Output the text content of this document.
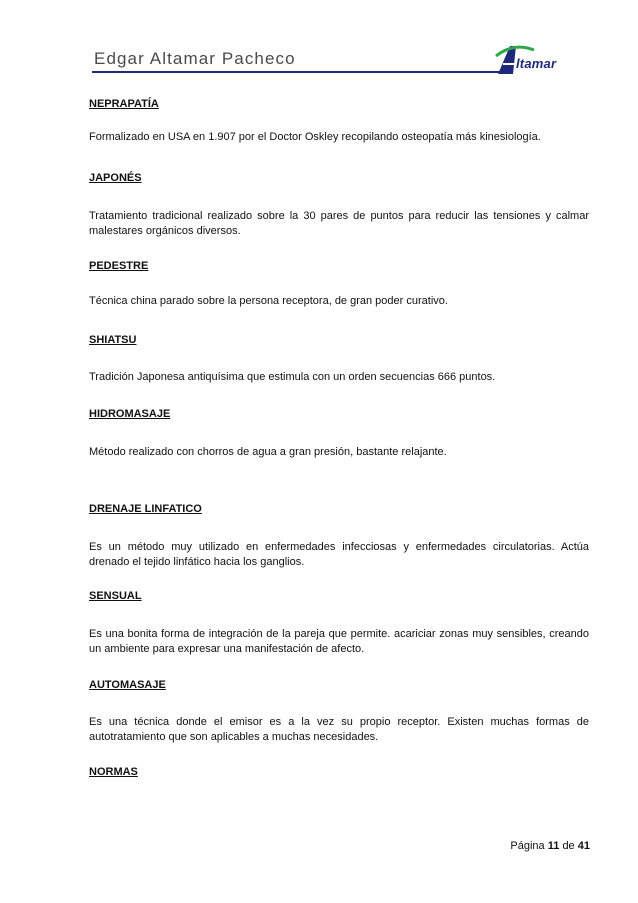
Edgar Altamar Pacheco	ltamar
NEPRAPATÍA
Formalizado en USA en 1.907 por el Doctor Oskley recopilando osteopatía más kinesiología.
JAPONÉS
Tratamiento tradicional realizado sobre la 30 pares de puntos para reducir las tensiones y calmar malestares orgánicos diversos.
PEDESTRE
Técnica china parado sobre la persona receptora, de gran poder curativo.
SHIATSU
Tradición Japonesa antiquísima que estimula con un orden secuencias 666 puntos.
HIDROMASAJE
Método realizado con chorros de agua a gran presión, bastante relajante.
DRENAJE LINFATICO
Es un método muy utilizado en enfermedades infecciosas y enfermedades circulatorias. Actúa drenado el tejido linfático hacia los ganglios.
SENSUAL
Es una bonita forma de integración de la pareja que permite. acariciar zonas muy sensibles, creando un ambiente para expresar una manifestación de afecto.
AUTOMASAJE
Es una técnica donde el emisor es a la vez su propio receptor. Existen muchas formas de autotratamiento que son aplicables a muchas necesidades.
NORMAS
Página 11 de 41
